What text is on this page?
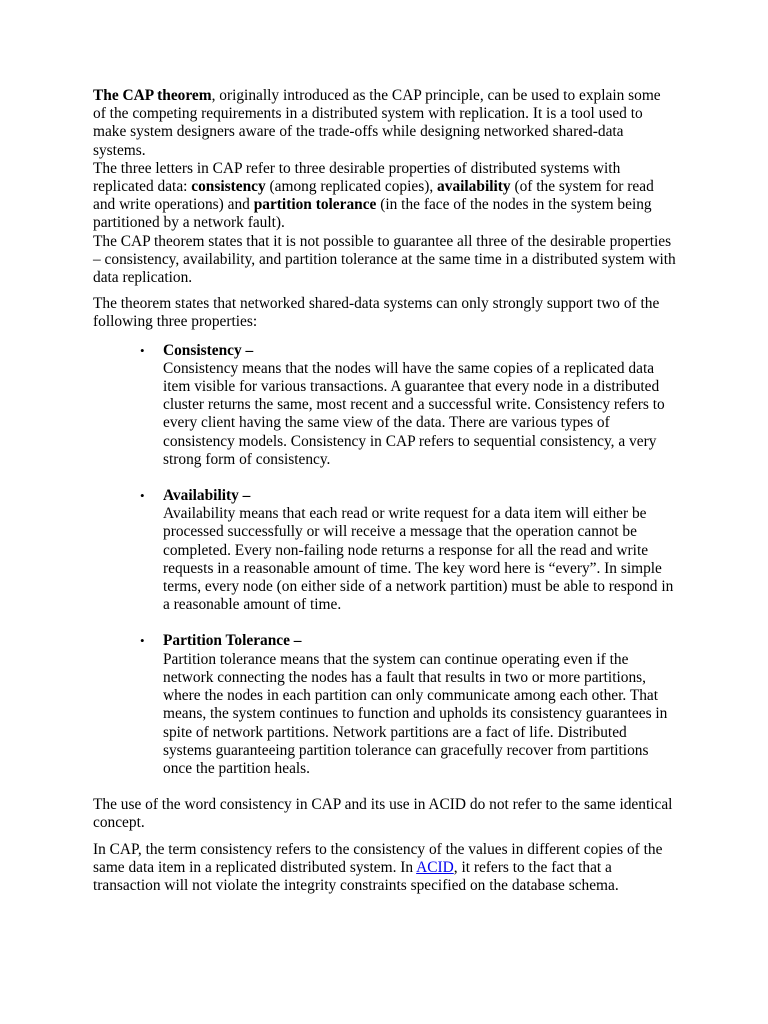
The CAP theorem, originally introduced as the CAP principle, can be used to explain some of the competing requirements in a distributed system with replication. It is a tool used to make system designers aware of the trade-offs while designing networked shared-data systems.
The three letters in CAP refer to three desirable properties of distributed systems with replicated data: consistency (among replicated copies), availability (of the system for read and write operations) and partition tolerance (in the face of the nodes in the system being partitioned by a network fault).
The CAP theorem states that it is not possible to guarantee all three of the desirable properties – consistency, availability, and partition tolerance at the same time in a distributed system with data replication.

The theorem states that networked shared-data systems can only strongly support two of the following three properties:

• Consistency –
Consistency means that the nodes will have the same copies of a replicated data item visible for various transactions. A guarantee that every node in a distributed cluster returns the same, most recent and a successful write. Consistency refers to every client having the same view of the data. There are various types of consistency models. Consistency in CAP refers to sequential consistency, a very strong form of consistency.
• Availability –
Availability means that each read or write request for a data item will either be processed successfully or will receive a message that the operation cannot be completed. Every non-failing node returns a response for all the read and write requests in a reasonable amount of time. The key word here is “every”. In simple terms, every node (on either side of a network partition) must be able to respond in a reasonable amount of time.
• Partition Tolerance –
Partition tolerance means that the system can continue operating even if the network connecting the nodes has a fault that results in two or more partitions, where the nodes in each partition can only communicate among each other. That means, the system continues to function and upholds its consistency guarantees in spite of network partitions. Network partitions are a fact of life. Distributed systems guaranteeing partition tolerance can gracefully recover from partitions once the partition heals.

The use of the word consistency in CAP and its use in ACID do not refer to the same identical concept.

In CAP, the term consistency refers to the consistency of the values in different copies of the same data item in a replicated distributed system. In ACID, it refers to the fact that a transaction will not violate the integrity constraints specified on the database schema.
